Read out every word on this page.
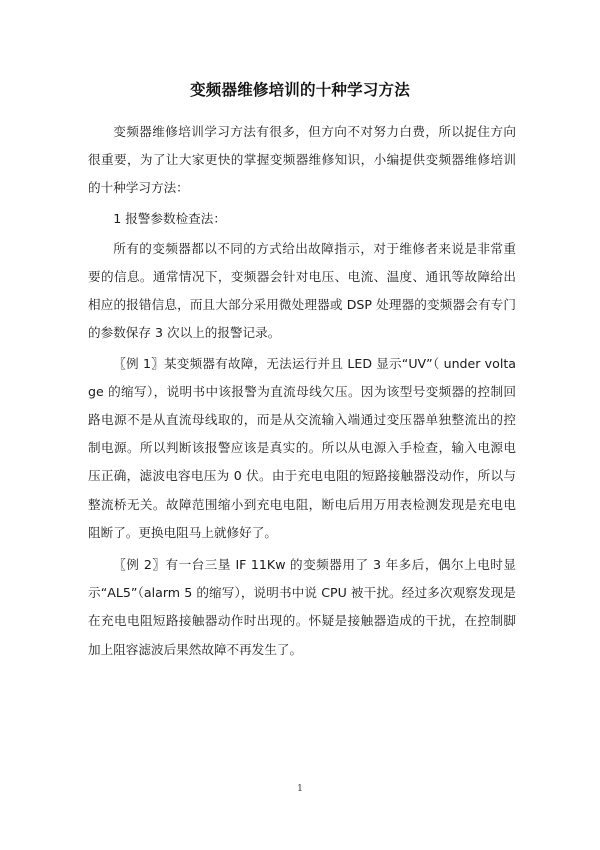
变频器维修培训的十种学习方法

变频器维修培训学习方法有很多，但方向不对努力白费，所以捉住方向很重要，为了让大家更快的掌握变频器维修知识，小编提供变频器维修培训的十种学习方法：

1 报警参数检查法：

所有的变频器都以不同的方式给出故障指示，对于维修者来说是非常重要的信息。通常情况下，变频器会针对电压、电流、温度、通讯等故障给出相应的报错信息，而且大部分采用微处理器或 DSP 处理器的变频器会有专门的参数保存 3 次以上的报警记录。

〖例 1〗某变频器有故障，无法运行并且 LED 显示“UV”（ under voltage 的缩写），说明书中该报警为直流母线欠压。因为该型号变频器的控制回路电源不是从直流母线取的，而是从交流输入端通过变压器单独整流出的控制电源。所以判断该报警应该是真实的。所以从电源入手检查，输入电源电压正确，滤波电容电压为 0 伏。由于充电电阻的短路接触器没动作，所以与整流桥无关。故障范围缩小到充电电阻，断电后用万用表检测发现是充电电阻断了。更换电阻马上就修好了。

〖例 2〗有一台三垦 IF 11Kw 的变频器用了 3 年多后，偶尔上电时显示“AL5”（alarm 5 的缩写），说明书中说 CPU 被干扰。经过多次观察发现是在充电电阻短路接触器动作时出现的。怀疑是接触器造成的干扰，在控制脚加上阻容滤波后果然故障不再发生了。

1
